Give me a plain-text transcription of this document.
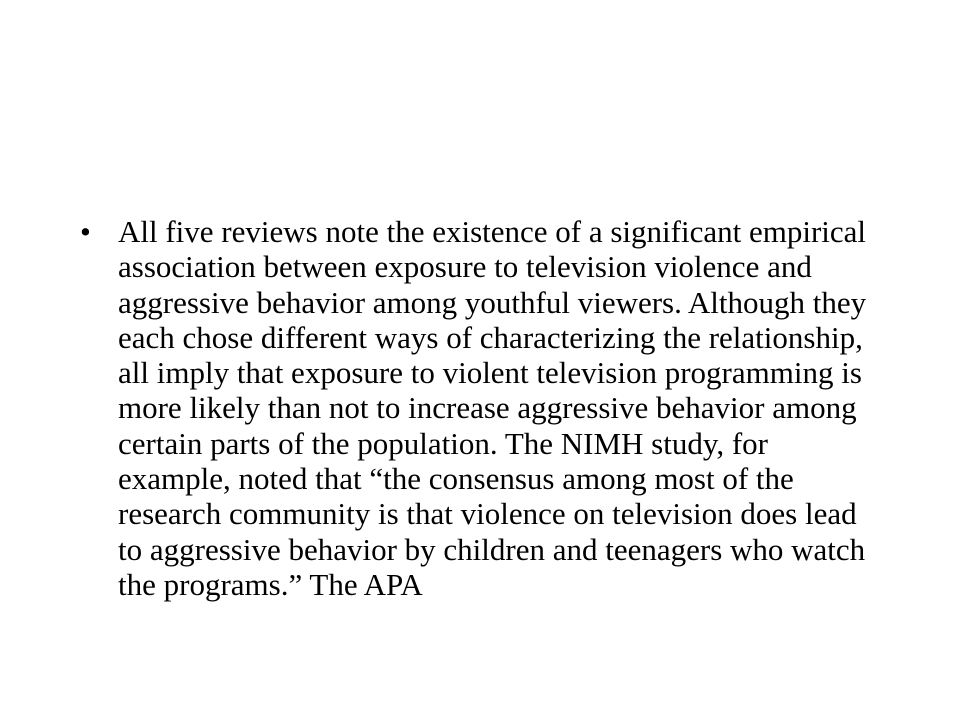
• All five reviews note the existence of a significant empirical association between exposure to television violence and aggressive behavior among youthful viewers. Although they each chose different ways of characterizing the relationship, all imply that exposure to violent television programming is more likely than not to increase aggressive behavior among certain parts of the population. The NIMH study, for example, noted that “the consensus among most of the research community is that violence on television does lead to aggressive behavior by children and teenagers who watch the programs.” The APA
